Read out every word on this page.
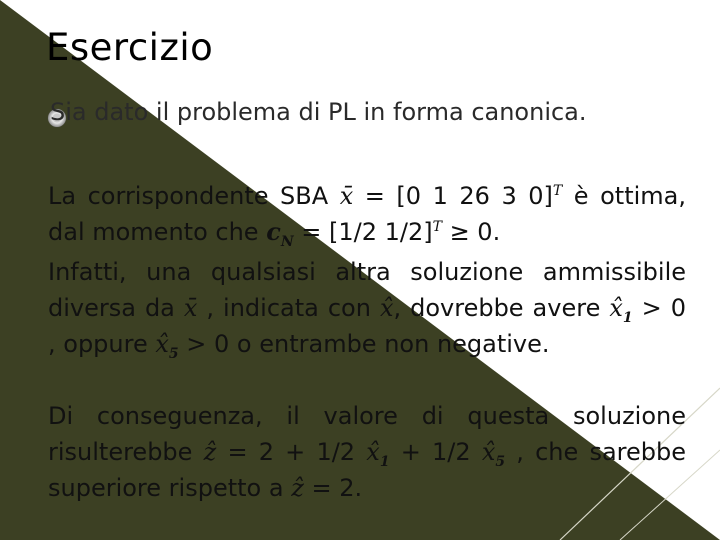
Esercizio
Sia dato il problema di PL in forma canonica.
La corrispondente SBA x̄ = [0 1 26 3 0]$^T$ è ottima, dal momento che $c_N = [1/2$ 1/2]$^T$ ≥ 0.
Infatti, una qualsiasi altra soluzione ammissibile diversa da x̄ , indicata con x̂, dovrebbe avere $x̂_1 > 0$ , oppure $x̂_5 > 0$ o entrambe non negative.
Di conseguenza, il valore di questa soluzione risulterebbe ẑ = 2 + 1/2 $x̂_1 + 1/2$ $x̂_5$ , che sarebbe superiore rispetto a ẑ = 2.
